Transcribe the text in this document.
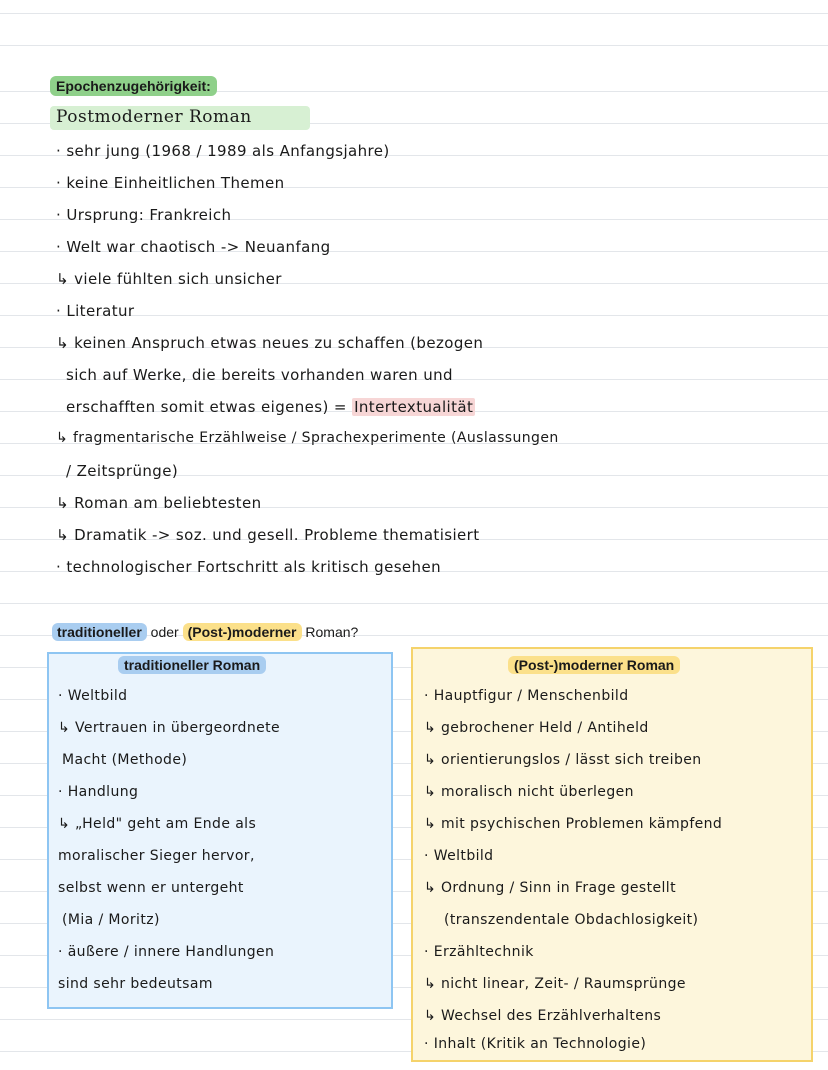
Epochenzugehörigkeit:
Postmoderner Roman
· sehr jung (1968 / 1989 als Anfangsjahre)
· keine Einheitlichen Themen
· Ursprung: Frankreich
· Welt war chaotisch -> Neuanfang
↳ viele fühlten sich unsicher
· Literatur
↳ keinen Anspruch etwas neues zu schaffen (bezogen
sich auf Werke, die bereits vorhanden waren und
erschafften somit etwas eigenes) = Intertextualität
↳ fragmentarische Erzählweise / Sprachexperimente (Auslassungen
/ Zeitsprünge)
↳ Roman am beliebtesten
↳ Dramatik -> soz. und gesell. Probleme thematisiert
· technologischer Fortschritt als kritisch gesehen
traditioneller oder (Post-)moderner Roman?
traditioneller Roman
· Weltbild
↳ Vertrauen in übergeordnete
Macht (Methode)
· Handlung
↳ „Held" geht am Ende als
moralischer Sieger hervor,
selbst wenn er untergeht
(Mia / Moritz)
· äußere / innere Handlungen
sind sehr bedeutsam
(Post-)moderner Roman
· Hauptfigur / Menschenbild
↳ gebrochener Held / Antiheld
↳ orientierungslos / lässt sich treiben
↳ moralisch nicht überlegen
↳ mit psychischen Problemen kämpfend
· Weltbild
↳ Ordnung / Sinn in Frage gestellt
(transzendentale Obdachlosigkeit)
· Erzähltechnik
↳ nicht linear, Zeit- / Raumsprünge
↳ Wechsel des Erzählverhaltens
· Inhalt (Kritik an Technologie)
